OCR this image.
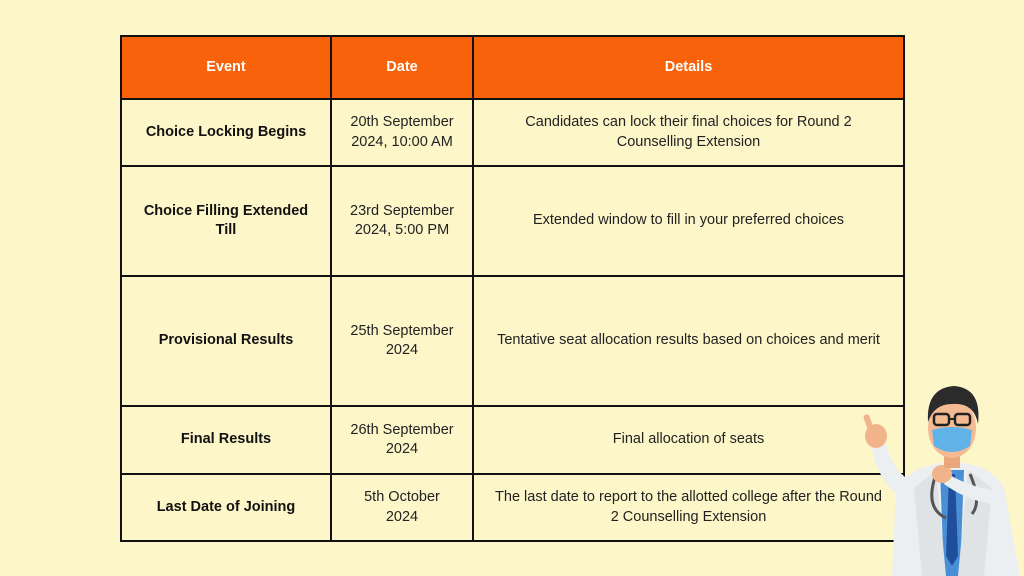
Event	Date	Details
Choice Locking Begins	20th September 2024, 10:00 AM	Candidates can lock their final choices for Round 2 Counselling Extension
Choice Filling Extended Till	23rd September 2024, 5:00 PM	Extended window to fill in your preferred choices
Provisional Results	25th September 2024	Tentative seat allocation results based on choices and merit
Final Results	26th September 2024	Final allocation of seats
Last Date of Joining	5th October 2024	The last date to report to the allotted college after the Round 2 Counselling Extension
